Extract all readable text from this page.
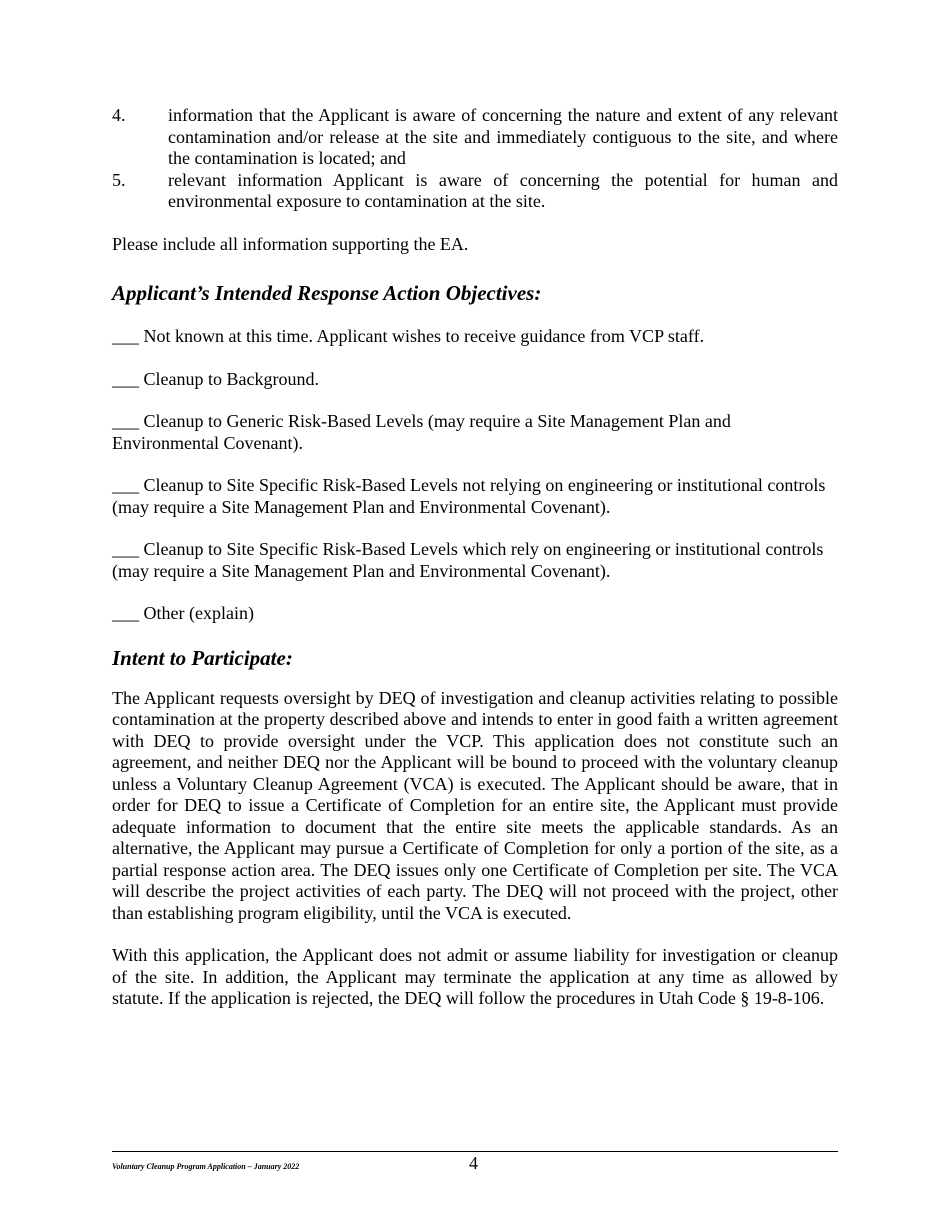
4.	information that the Applicant is aware of concerning the nature and extent of any relevant contamination and/or release at the site and immediately contiguous to the site, and where the contamination is located; and
5.	relevant information Applicant is aware of concerning the potential for human and environmental exposure to contamination at the site.

Please include all information supporting the EA.

Applicant’s Intended Response Action Objectives:

___ Not known at this time. Applicant wishes to receive guidance from VCP staff.

___ Cleanup to Background.

___ Cleanup to Generic Risk-Based Levels (may require a Site Management Plan and Environmental Covenant).

___ Cleanup to Site Specific Risk-Based Levels not relying on engineering or institutional controls (may require a Site Management Plan and Environmental Covenant).

___ Cleanup to Site Specific Risk-Based Levels which rely on engineering or institutional controls (may require a Site Management Plan and Environmental Covenant).

___ Other (explain)

Intent to Participate:

The Applicant requests oversight by DEQ of investigation and cleanup activities relating to possible contamination at the property described above and intends to enter in good faith a written agreement with DEQ to provide oversight under the VCP. This application does not constitute such an agreement, and neither DEQ nor the Applicant will be bound to proceed with the voluntary cleanup unless a Voluntary Cleanup Agreement (VCA) is executed. The Applicant should be aware, that in order for DEQ to issue a Certificate of Completion for an entire site, the Applicant must provide adequate information to document that the entire site meets the applicable standards. As an alternative, the Applicant may pursue a Certificate of Completion for only a portion of the site, as a partial response action area. The DEQ issues only one Certificate of Completion per site. The VCA will describe the project activities of each party. The DEQ will not proceed with the project, other than establishing program eligibility, until the VCA is executed.

With this application, the Applicant does not admit or assume liability for investigation or cleanup of the site. In addition, the Applicant may terminate the application at any time as allowed by statute. If the application is rejected, the DEQ will follow the procedures in Utah Code § 19-8-106.

Voluntary Cleanup Program Application – January 2022	4
